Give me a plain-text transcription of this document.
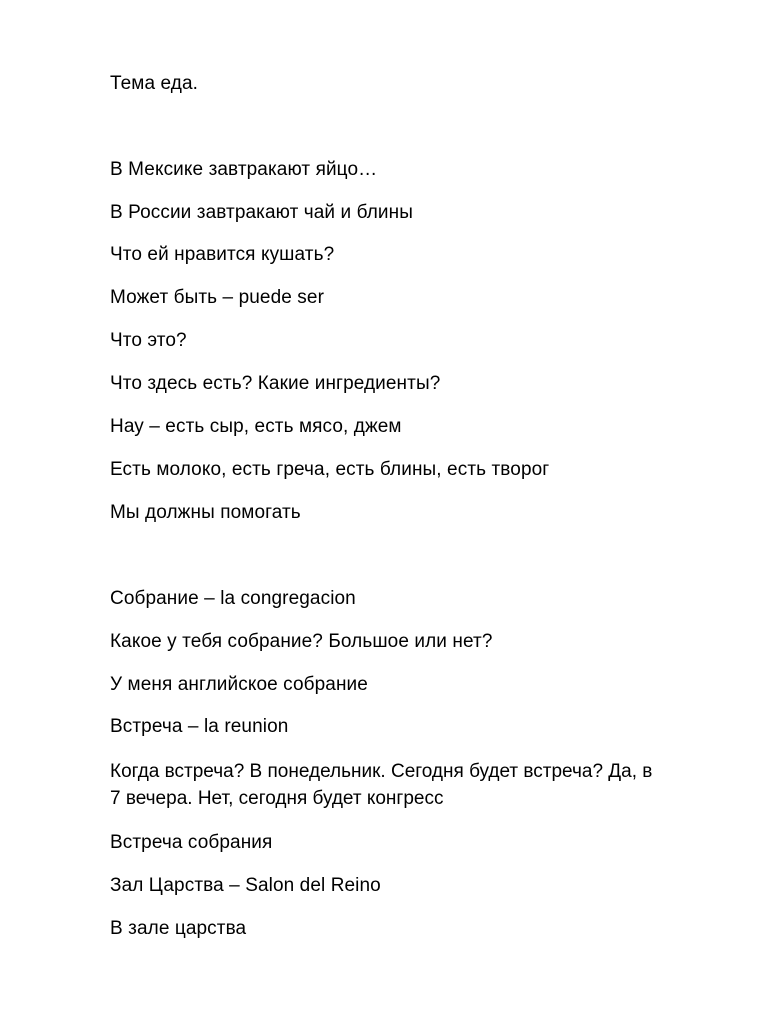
Тема еда.
В Мексике завтракают яйцо…
В России завтракают чай и блины
Что ей нравится кушать?
Может быть – puede ser
Что это?
Что здесь есть? Какие ингредиенты?
Нау – есть сыр, есть мясо, джем
Есть молоко, есть греча, есть блины, есть творог
Мы должны помогать
Собрание – la congregacion
Какое у тебя собрание? Большое или нет?
У меня английское собрание
Встреча – la reunion
Когда встреча? В понедельник. Сегодня будет встреча? Да, в
7 вечера. Нет, сегодня будет конгресс
Встреча собрания
Зал Царства – Salon del Reino
В зале царства
